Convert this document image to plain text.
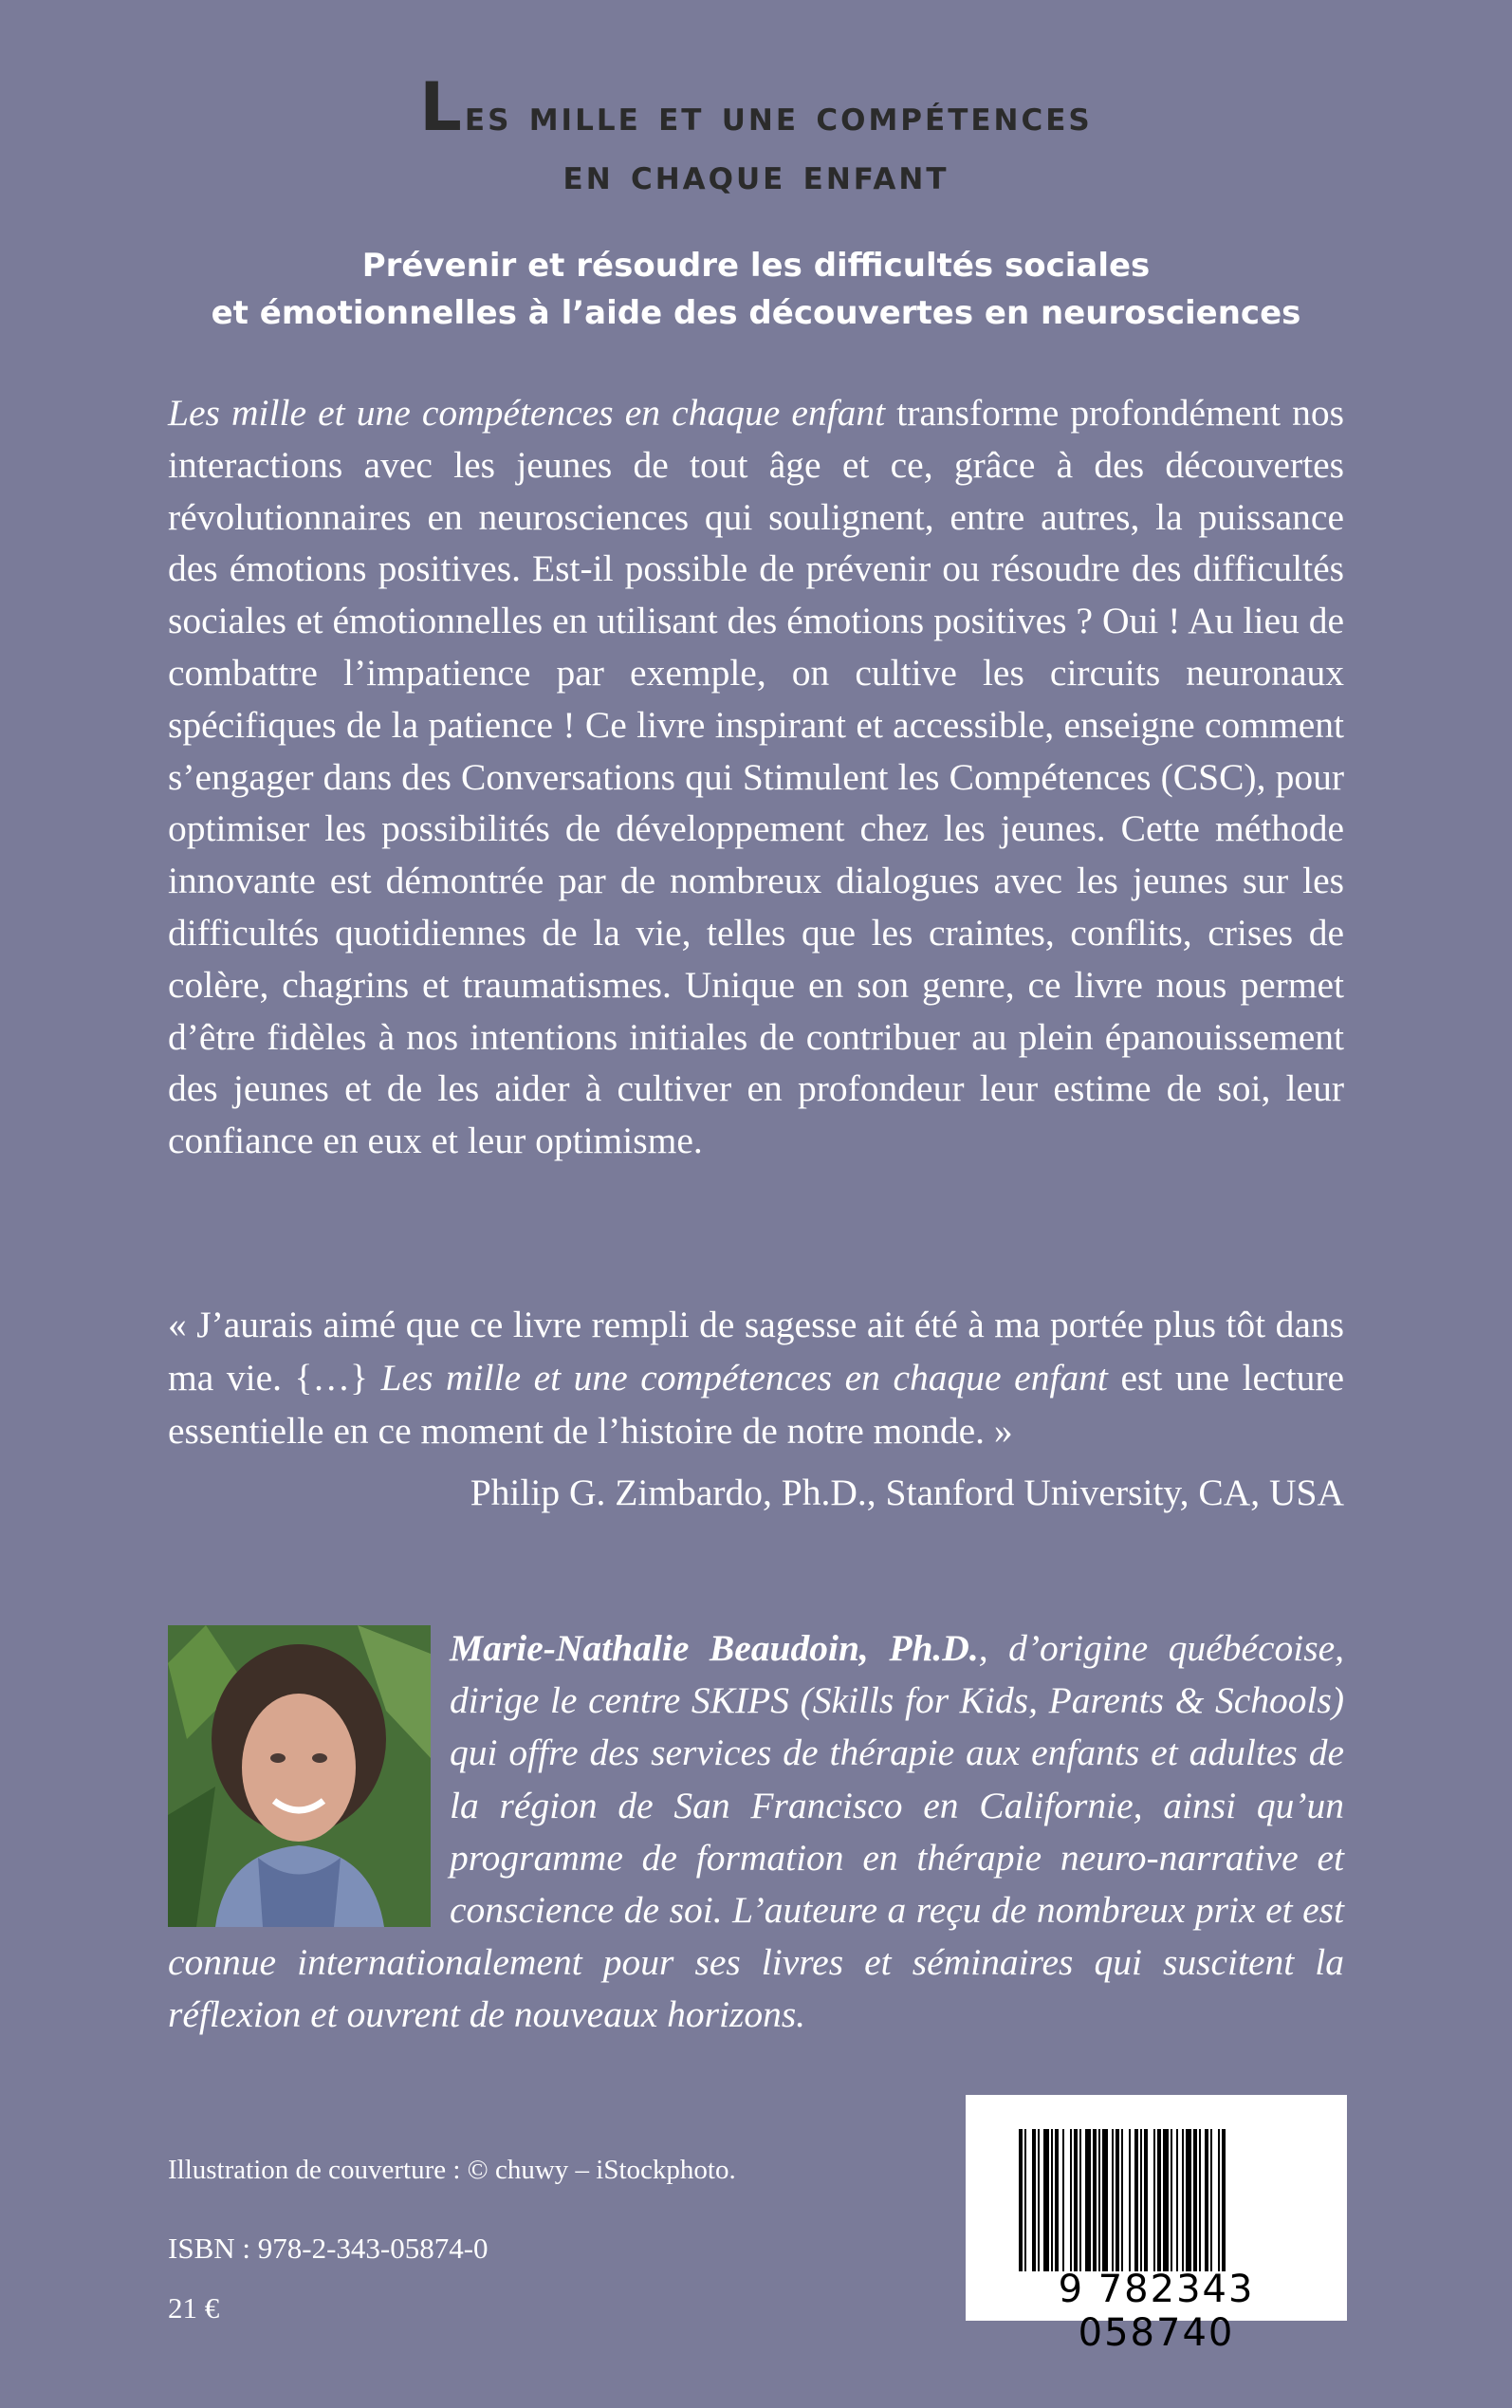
Les mille et une compétences
en chaque enfant
Prévenir et résoudre les difficultés sociales
et émotionnelles à l’aide des découvertes en neurosciences
Les mille et une compétences en chaque enfant transforme profondément nos interactions avec les jeunes de tout âge et ce, grâce à des découvertes révolutionnaires en neurosciences qui soulignent, entre autres, la puissance des émotions positives. Est-il possible de prévenir ou résoudre des difficultés sociales et émotionnelles en utilisant des émotions positives ? Oui ! Au lieu de combattre l’impatience par exemple, on cultive les circuits neuronaux spécifiques de la patience ! Ce livre inspirant et accessible, enseigne comment s’engager dans des Conversations qui Stimulent les Compétences (CSC), pour optimiser les possibilités de développement chez les jeunes. Cette méthode innovante est démontrée par de nombreux dialogues avec les jeunes sur les difficultés quotidiennes de la vie, telles que les craintes, conflits, crises de colère, chagrins et traumatismes. Unique en son genre, ce livre nous permet d’être fidèles à nos intentions initiales de contribuer au plein épanouissement des jeunes et de les aider à cultiver en profondeur leur estime de soi, leur confiance en eux et leur optimisme.
« J’aurais aimé que ce livre rempli de sagesse ait été à ma portée plus tôt dans ma vie. {…} Les mille et une compétences en chaque enfant est une lecture essentielle en ce moment de l’histoire de notre monde. »
Philip G. Zimbardo, Ph.D., Stanford University, CA, USA
Marie-Nathalie Beaudoin, Ph.D., d’origine québécoise, dirige le centre SKIPS (Skills for Kids, Parents & Schools) qui offre des services de thérapie aux enfants et adultes de la région de San Francisco en Californie, ainsi qu’un programme de formation en thérapie neuro-narrative et conscience de soi. L’auteure a reçu de nombreux prix et est connue internationalement pour ses livres et séminaires qui suscitent la réflexion et ouvrent de nouveaux horizons.
Illustration de couverture : © chuwy – iStockphoto.
ISBN : 978-2-343-05874-0
21 €	9 782343 058740
